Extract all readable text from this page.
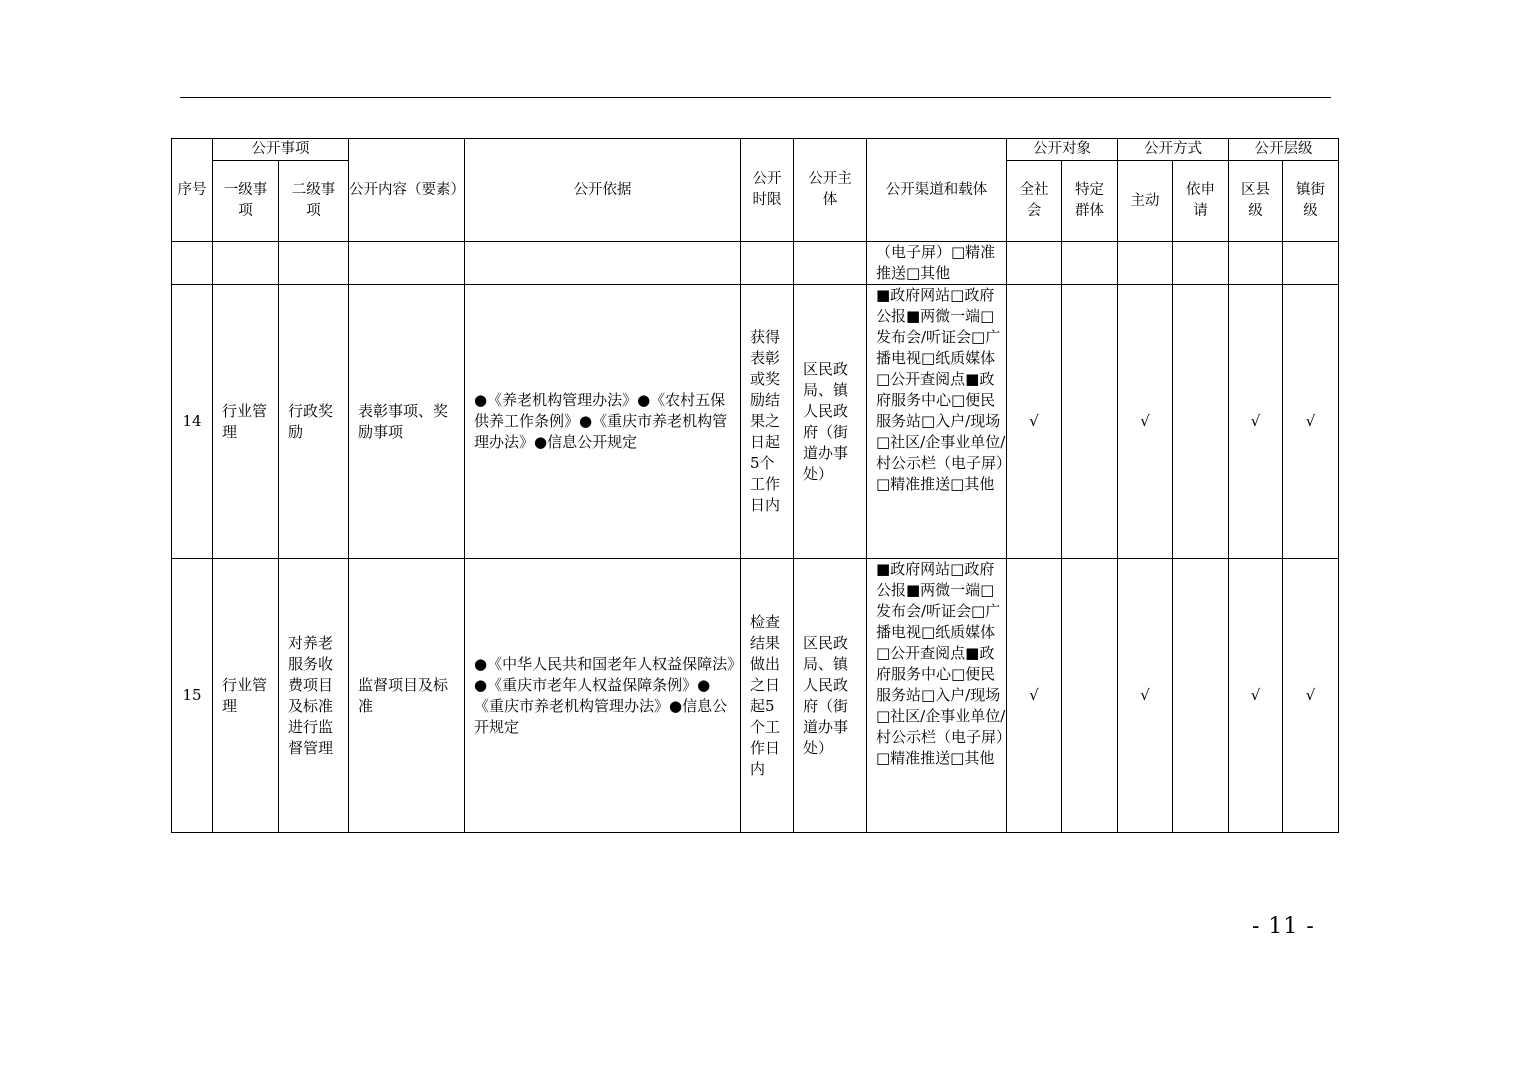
序号	公开事项		公开内容（要素）	公开依据	公开时限	公开主体	公开渠道和载体	公开对象		公开方式		公开层级	
	一级事项	二级事项						全社会	特定群体	主动	依申请	区县级	镇街级
							（电子屏）□精准推送□其他						
14	行业管理	行政奖励	表彰事项、奖励事项	●《养老机构管理办法》●《农村五保供养工作条例》●《重庆市养老机构管理办法》●信息公开规定	获得表彰或奖励结果之日起5个工作日内	区民政局、镇人民政府（街道办事处）	■政府网站□政府公报■两微一端□发布会/听证会□广播电视□纸质媒体□公开查阅点■政府服务中心□便民服务站□入户/现场□社区/企事业单位/村公示栏（电子屏）□精准推送□其他	√		√		√	√
15	行业管理	对养老服务收费项目及标准进行监督管理	监督项目及标准	●《中华人民共和国老年人权益保障法》●《重庆市老年人权益保障条例》●《重庆市养老机构管理办法》●信息公开规定	检查结果做出之日起5个工作日内	区民政局、镇人民政府（街道办事处）	■政府网站□政府公报■两微一端□发布会/听证会□广播电视□纸质媒体□公开查阅点■政府服务中心□便民服务站□入户/现场□社区/企事业单位/村公示栏（电子屏）□精准推送□其他	√		√		√	√
- 11 -
